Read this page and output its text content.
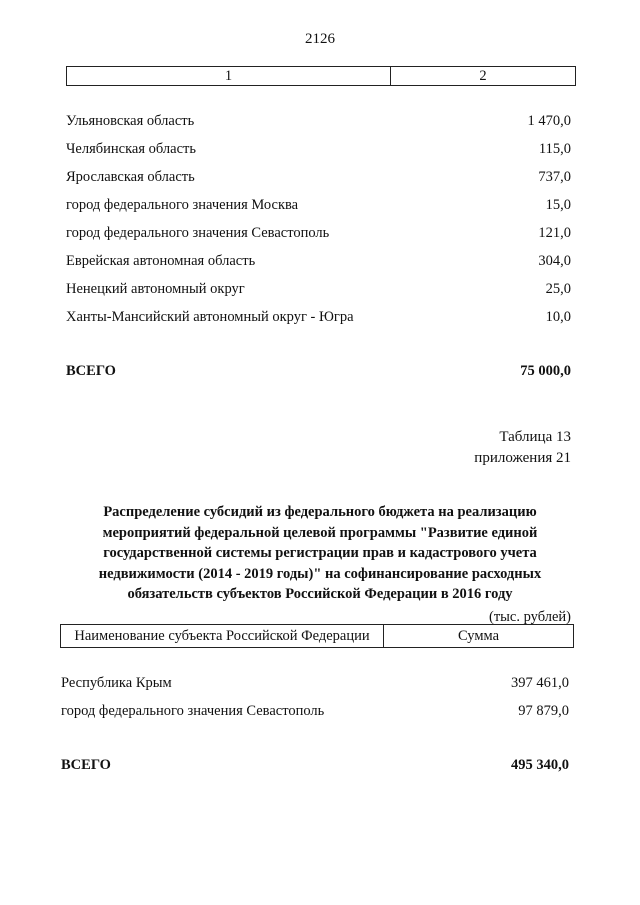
2126
1	2
Ульяновская область	1 470,0
Челябинская область	115,0
Ярославская область	737,0
город федерального значения Москва	15,0
город федерального значения Севастополь	121,0
Еврейская автономная область	304,0
Ненецкий автономный округ	25,0
Ханты-Мансийский автономный округ - Югра	10,0
ВСЕГО	75 000,0
Таблица 13
приложения 21
Распределение субсидий из федерального бюджета на реализацию
мероприятий федеральной целевой программы "Развитие единой
государственной системы регистрации прав и кадастрового учета
недвижимости (2014 - 2019 годы)" на софинансирование расходных
обязательств субъектов Российской Федерации в 2016 году
(тыс. рублей)
Наименование субъекта Российской Федерации	Сумма
Республика Крым	397 461,0
город федерального значения Севастополь	97 879,0
ВСЕГО	495 340,0
